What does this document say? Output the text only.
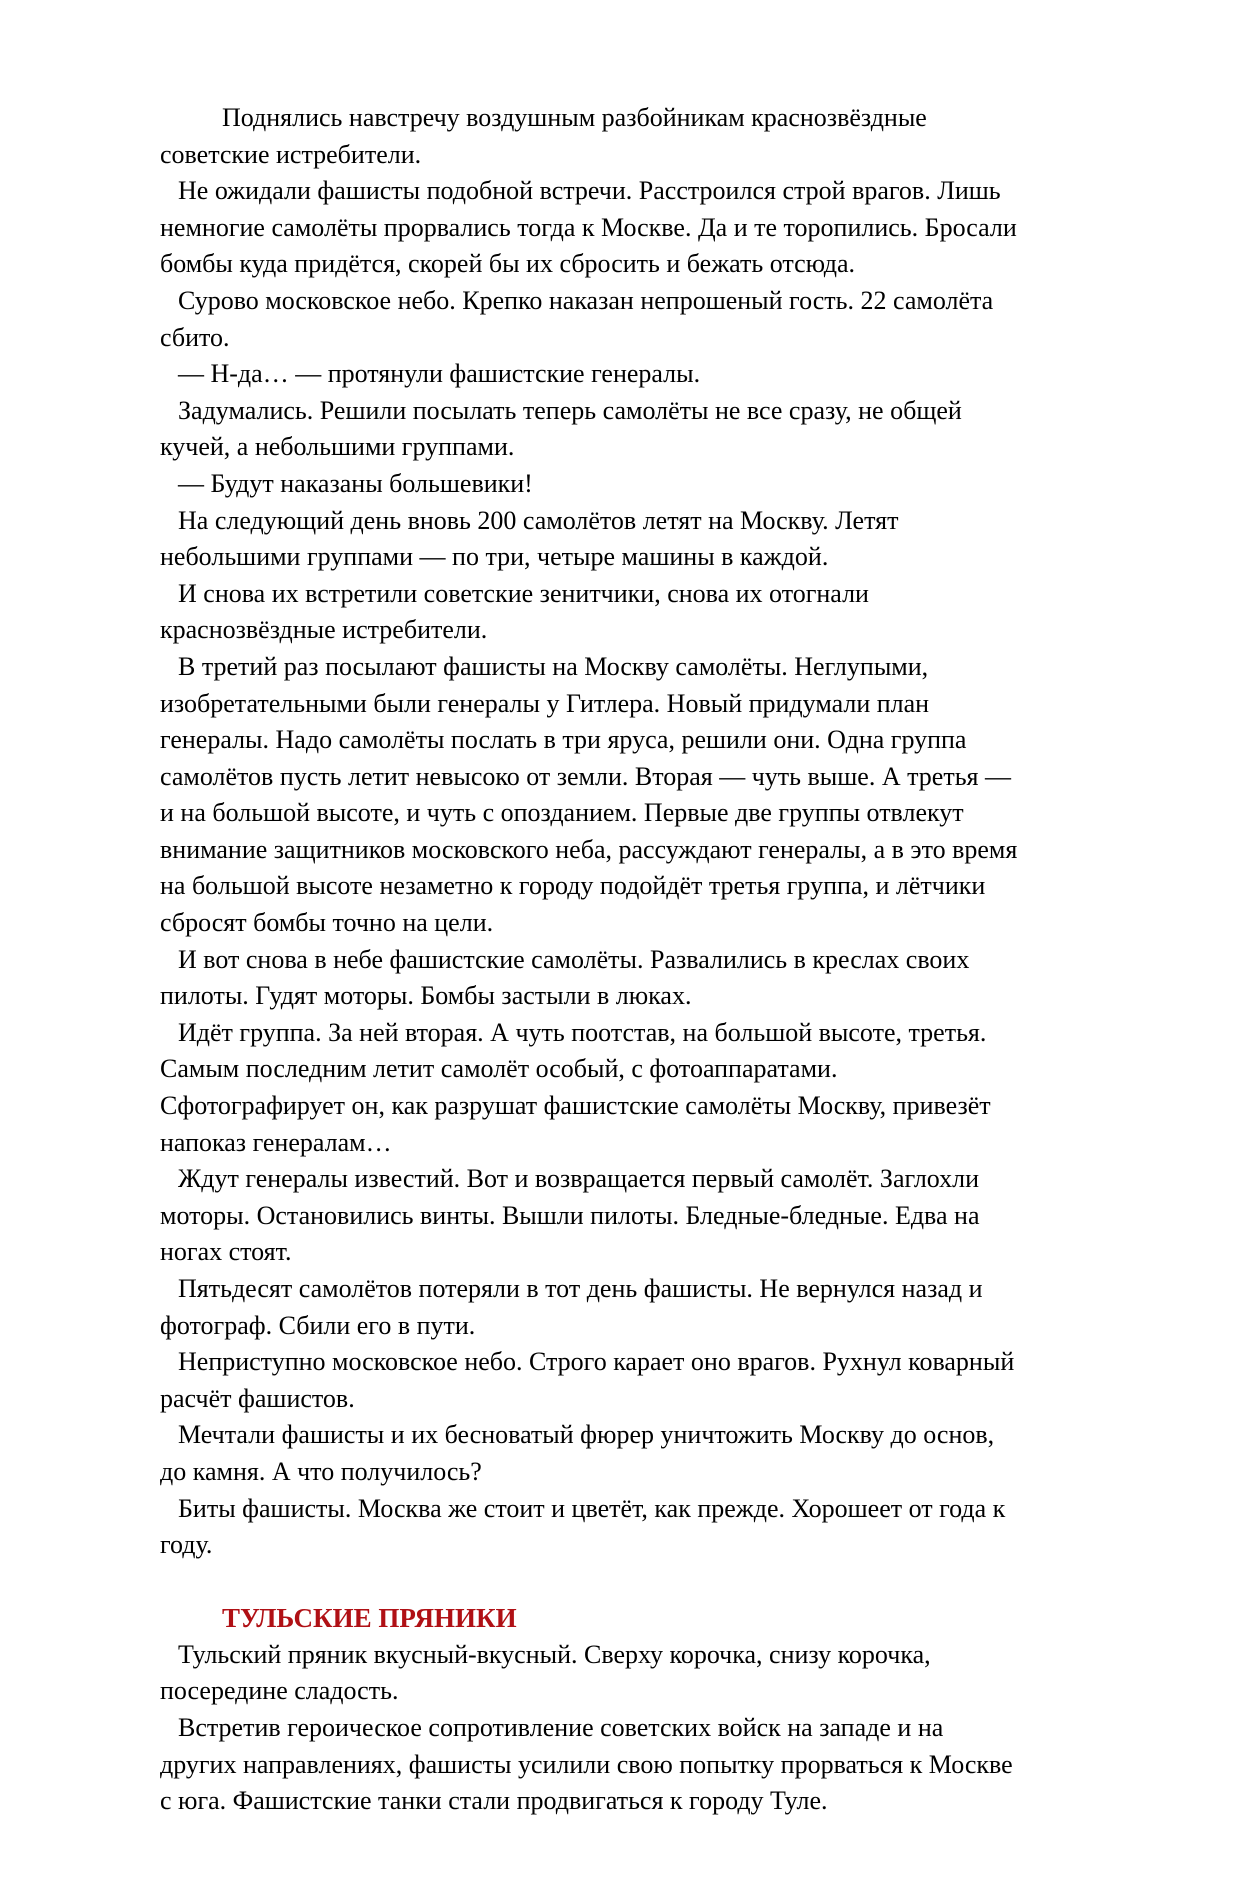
Поднялись навстречу воздушным разбойникам краснозвёздные советские истребители.

Не ожидали фашисты подобной встречи. Расстроился строй врагов. Лишь немногие самолёты прорвались тогда к Москве. Да и те торопились. Бросали бомбы куда придётся, скорей бы их сбросить и бежать отсюда.

Сурово московское небо. Крепко наказан непрошеный гость. 22 самолёта сбито.

— Н-да… — протянули фашистские генералы.

Задумались. Решили посылать теперь самолёты не все сразу, не общей кучей, а небольшими группами.

— Будут наказаны большевики!

На следующий день вновь 200 самолётов летят на Москву. Летят небольшими группами — по три, четыре машины в каждой.

И снова их встретили советские зенитчики, снова их отогнали краснозвёздные истребители.

В третий раз посылают фашисты на Москву самолёты. Неглупыми, изобретательными были генералы у Гитлера. Новый придумали план генералы. Надо самолёты послать в три яруса, решили они. Одна группа самолётов пусть летит невысоко от земли. Вторая — чуть выше. А третья — и на большой высоте, и чуть с опозданием. Первые две группы отвлекут внимание защитников московского неба, рассуждают генералы, а в это время на большой высоте незаметно к городу подойдёт третья группа, и лётчики сбросят бомбы точно на цели.

И вот снова в небе фашистские самолёты. Развалились в креслах своих пилоты. Гудят моторы. Бомбы застыли в люках.

Идёт группа. За ней вторая. А чуть поотстав, на большой высоте, третья. Самым последним летит самолёт особый, с фотоаппаратами. Сфотографирует он, как разрушат фашистские самолёты Москву, привезёт напоказ генералам…

Ждут генералы известий. Вот и возвращается первый самолёт. Заглохли моторы. Остановились винты. Вышли пилоты. Бледные-бледные. Едва на ногах стоят.

Пятьдесят самолётов потеряли в тот день фашисты. Не вернулся назад и фотограф. Сбили его в пути.

Неприступно московское небо. Строго карает оно врагов. Рухнул коварный расчёт фашистов.

Мечтали фашисты и их бесноватый фюрер уничтожить Москву до основ, до камня. А что получилось?

Биты фашисты. Москва же стоит и цветёт, как прежде. Хорошеет от года к году.

ТУЛЬСКИЕ ПРЯНИКИ

Тульский пряник вкусный-вкусный. Сверху корочка, снизу корочка, посередине сладость.

Встретив героическое сопротивление советских войск на западе и на других направлениях, фашисты усилили свою попытку прорваться к Москве с юга. Фашистские танки стали продвигаться к городу Туле.
